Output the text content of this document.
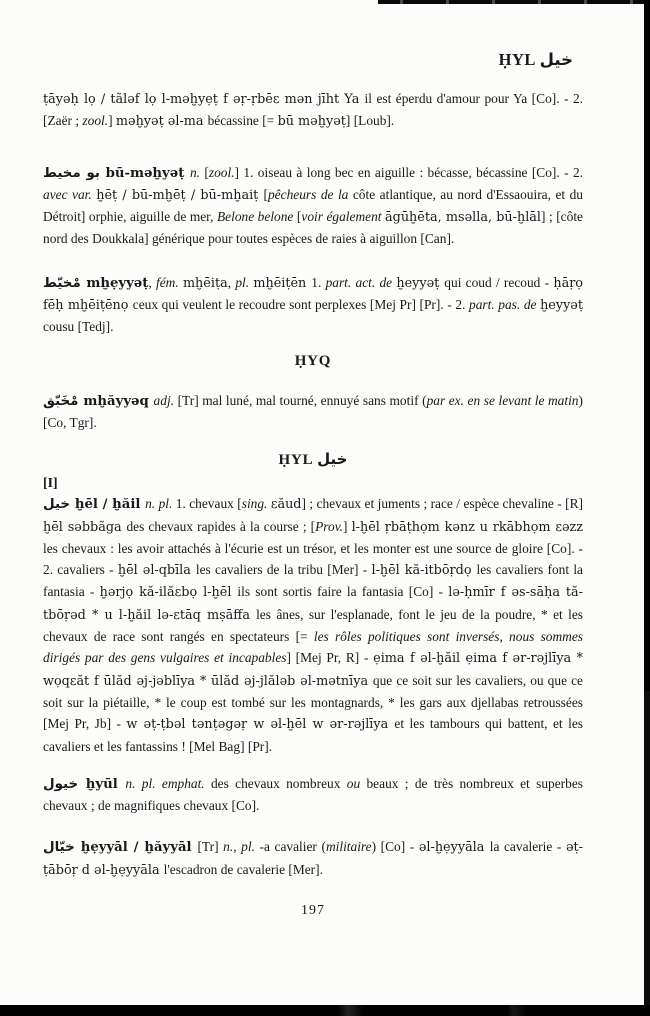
ḤYL خيل

ṭāyəḥ lọ / tãləf lọ l-məḫyẹṭ f əṛ-ṛbēε mən jīht Ya il est éperdu d'amour pour Ya [Co]. - 2. [Zaër ; zool.] məḫyəṭ əl-ma bécassine [= bū məḫyəṭ] [Loub].

بو مخيط bū-məḫyəṭ n. [zool.] 1. oiseau à long bec en aiguille : bécasse, bécassine [Co]. - 2. avec var. ḫēṭ / bū-mḫēṭ / bū-mḫaiṭ [pêcheurs de la côte atlantique, au nord d'Essaouira, et du Détroit] orphie, aiguille de mer, Belone belone [voir également āgūḫēta, msəlla, bū-ḫlāl] ; [côte nord des Doukkala] générique pour toutes espèces de raies à aiguillon [Can].

مْخيّط mḫẹyyəṭ, fém. mḫēiṭa, pl. mḫēiṭēn 1. part. act. de ḫeyyəṭ qui coud / recoud - ḥāṛọ fēḥ mḫēiṭēnọ ceux qui veulent le recoudre sont perplexes [Mej Pr] [Pr]. - 2. part. pas. de ḫeyyəṭ cousu [Tedj].

ḤYQ

مْخَبّق mḫăyyəq adj. [Tr] mal luné, mal tourné, ennuyé sans motif (par ex. en se levant le matin) [Co, Tgr].

ḤYL خيل
[I]

خيل ḫēl / ḫăil n. pl. 1. chevaux [sing. εăud] ; chevaux et juments ; race / espèce chevaline - [R] ḫēl səbbãga des chevaux rapides à la course ; [Prov.] l-ḫēl ṛbāṭhọm kənz u rkābhọm εəzz les chevaux : les avoir attachés à l'écurie est un trésor, et les monter est une source de gloire [Co]. - 2. cavaliers - ḫēl əl-qbīla les cavaliers de la tribu [Mer] - l-ḫēl kă-itbōṛdọ les cavaliers font la fantasia - ḫərjọ kă-ilăεbọ l-ḫēl ils sont sortis faire la fantasia [Co] - lə-ḥmīr f əs-sāḥa tă-tbōṛəd * u l-ḫăil lə-εtāq mṣāffa les ânes, sur l'esplanade, font le jeu de la poudre, * et les chevaux de race sont rangés en spectateurs [= les rôles politiques sont inversés, nous sommes dirigés par des gens vulgaires et incapables] [Mej Pr, R] - ẹima f əl-ḫăil ẹima f ər-rəjlīya * wọqεăt f ūlăd əj-jəblīya * ūlăd əj-jlăləb əl-mətnīya que ce soit sur les cavaliers, ou que ce soit sur la piétaille, * le coup est tombé sur les montagnards, * les gars aux djellabas retroussées [Mej Pr, Jb] - w əṭ-ṭbəl tənṭəgəṛ w əl-ḫēl w ər-rəjlīya et les tambours qui battent, et les cavaliers et les fantassins ! [Mel Bag] [Pr].

خيول ḫyūl n. pl. emphat. des chevaux nombreux ou beaux ; de très nombreux et superbes chevaux ; de magnifiques chevaux [Co].

خيّال ḫẹyyāl / ḫăyyāl [Tr] n., pl. -a cavalier (militaire) [Co] - əl-ḫẹyyāla la cavalerie - əṭ-ṭābōṛ d əl-ḫẹyyāla l'escadron de cavalerie [Mer].

197
